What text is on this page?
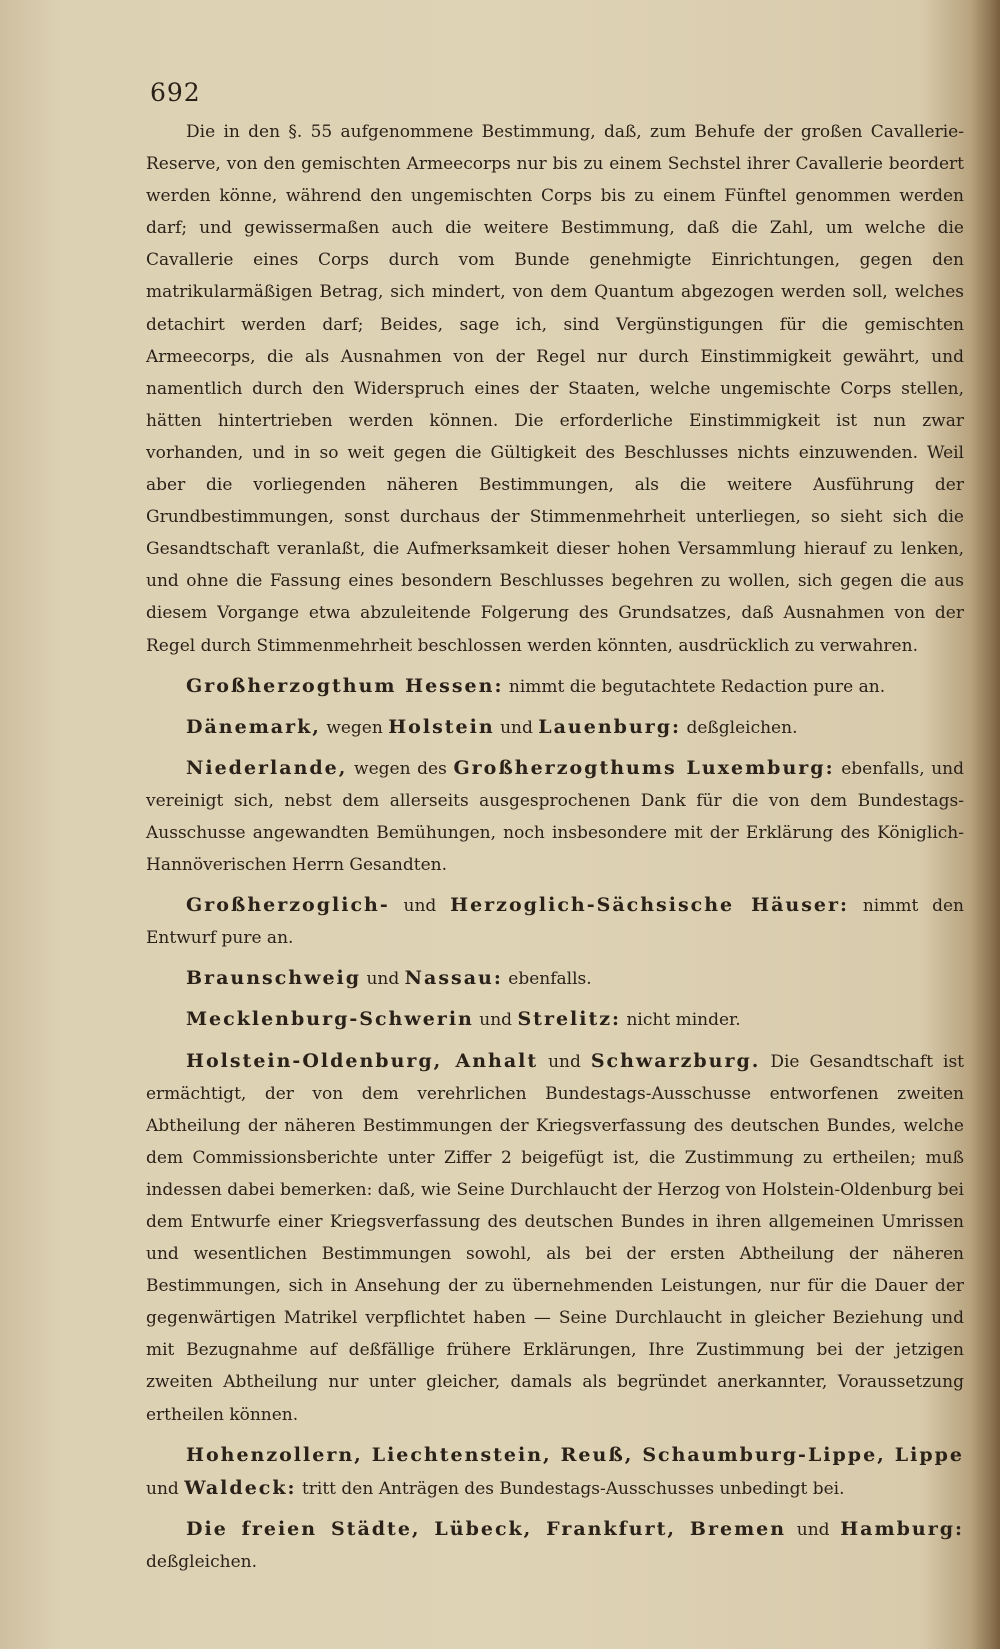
692

Die in den §. 55 aufgenommene Bestimmung, daß, zum Behufe der großen Cavallerie-Reserve, von den gemischten Armeecorps nur bis zu einem Sechstel ihrer Cavallerie beordert werden könne, während den ungemischten Corps bis zu einem Fünftel genommen werden darf; und gewissermaßen auch die weitere Bestimmung, daß die Zahl, um welche die Cavallerie eines Corps durch vom Bunde genehmigte Einrichtungen, gegen den matrikularmäßigen Betrag, sich mindert, von dem Quantum abgezogen werden soll, welches detachirt werden darf; Beides, sage ich, sind Vergünstigungen für die gemischten Armeecorps, die als Ausnahmen von der Regel nur durch Einstimmigkeit gewährt, und namentlich durch den Widerspruch eines der Staaten, welche ungemischte Corps stellen, hätten hintertrieben werden können. Die erforderliche Einstimmigkeit ist nun zwar vorhanden, und in so weit gegen die Gültigkeit des Beschlusses nichts einzuwenden. Weil aber die vorliegenden näheren Bestimmungen, als die weitere Ausführung der Grundbestimmungen, sonst durchaus der Stimmenmehrheit unterliegen, so sieht sich die Gesandtschaft veranlaßt, die Aufmerksamkeit dieser hohen Versammlung hierauf zu lenken, und ohne die Fassung eines besondern Beschlusses begehren zu wollen, sich gegen die aus diesem Vorgange etwa abzuleitende Folgerung des Grundsatzes, daß Ausnahmen von der Regel durch Stimmenmehrheit beschlossen werden könnten, ausdrücklich zu verwahren.

Großherzogthum Hessen: nimmt die begutachtete Redaction pure an.

Dänemark, wegen Holstein und Lauenburg: deßgleichen.

Niederlande, wegen des Großherzogthums Luxemburg: ebenfalls, und vereinigt sich, nebst dem allerseits ausgesprochenen Dank für die von dem Bundestags-Ausschusse angewandten Bemühungen, noch insbesondere mit der Erklärung des Königlich-Hannöverischen Herrn Gesandten.

Großherzoglich- und Herzoglich-Sächsische Häuser: nimmt den Entwurf pure an.

Braunschweig und Nassau: ebenfalls.

Mecklenburg-Schwerin und Strelitz: nicht minder.

Holstein-Oldenburg, Anhalt und Schwarzburg. Die Gesandtschaft ist ermächtigt, der von dem verehrlichen Bundestags-Ausschusse entworfenen zweiten Abtheilung der näheren Bestimmungen der Kriegsverfassung des deutschen Bundes, welche dem Commissionsberichte unter Ziffer 2 beigefügt ist, die Zustimmung zu ertheilen; muß indessen dabei bemerken: daß, wie Seine Durchlaucht der Herzog von Holstein-Oldenburg bei dem Entwurfe einer Kriegsverfassung des deutschen Bundes in ihren allgemeinen Umrissen und wesentlichen Bestimmungen sowohl, als bei der ersten Abtheilung der näheren Bestimmungen, sich in Ansehung der zu übernehmenden Leistungen, nur für die Dauer der gegenwärtigen Matrikel verpflichtet haben — Seine Durchlaucht in gleicher Beziehung und mit Bezugnahme auf deßfällige frühere Erklärungen, Ihre Zustimmung bei der jetzigen zweiten Abtheilung nur unter gleicher, damals als begründet anerkannter, Voraussetzung ertheilen können.

Hohenzollern, Liechtenstein, Reuß, Schaumburg-Lippe, Lippe und Waldeck: tritt den Anträgen des Bundestags-Ausschusses unbedingt bei.

Die freien Städte, Lübeck, Frankfurt, Bremen und Hamburg: deßgleichen.
